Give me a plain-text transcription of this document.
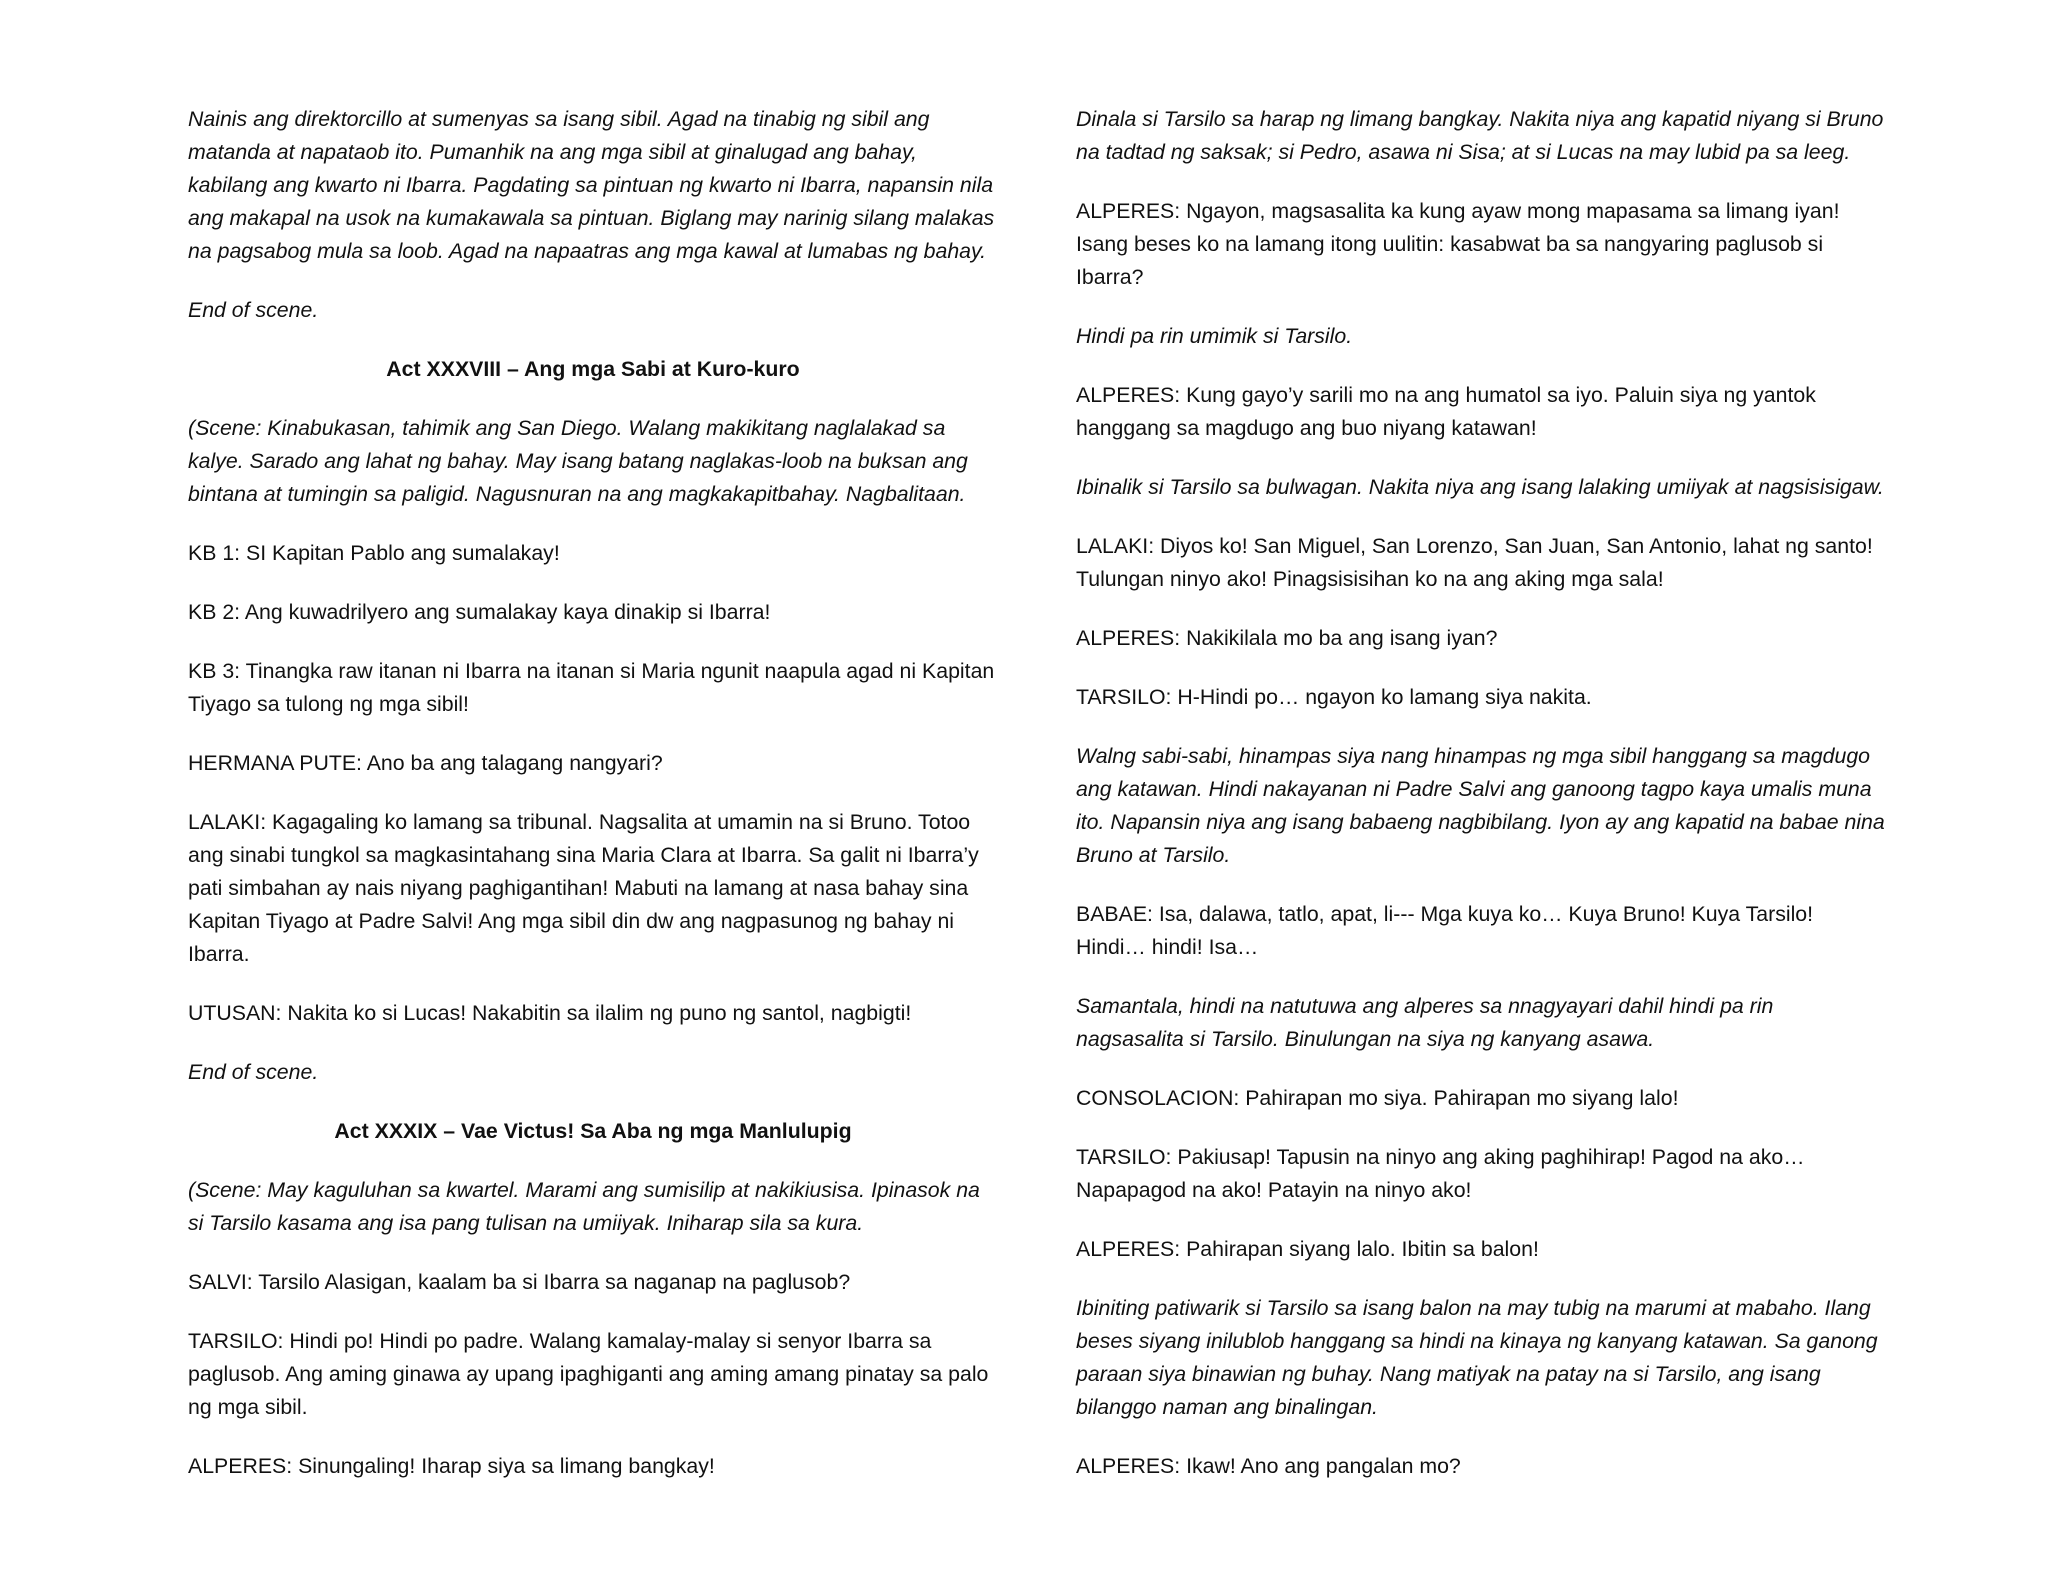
Nainis ang direktorcillo at sumenyas sa isang sibil. Agad na tinabig ng sibil ang matanda at napataob ito. Pumanhik na ang mga sibil at ginalugad ang bahay, kabilang ang kwarto ni Ibarra. Pagdating sa pintuan ng kwarto ni Ibarra, napansin nila ang makapal na usok na kumakawala sa pintuan. Biglang may narinig silang malakas na pagsabog mula sa loob. Agad na napaatras ang mga kawal at lumabas ng bahay.

End of scene.

Act XXXVIII – Ang mga Sabi at Kuro-kuro

(Scene: Kinabukasan, tahimik ang San Diego. Walang makikitang naglalakad sa kalye. Sarado ang lahat ng bahay. May isang batang naglakas-loob na buksan ang bintana at tumingin sa paligid. Nagusnuran na ang magkakapitbahay. Nagbalitaan.

KB 1: SI Kapitan Pablo ang sumalakay!

KB 2: Ang kuwadrilyero ang sumalakay kaya dinakip si Ibarra!

KB 3: Tinangka raw itanan ni Ibarra na itanan si Maria ngunit naapula agad ni Kapitan Tiyago sa tulong ng mga sibil!

HERMANA PUTE: Ano ba ang talagang nangyari?

LALAKI: Kagagaling ko lamang sa tribunal. Nagsalita at umamin na si Bruno. Totoo ang sinabi tungkol sa magkasintahang sina Maria Clara at Ibarra. Sa galit ni Ibarra’y pati simbahan ay nais niyang paghigantihan! Mabuti na lamang at nasa bahay sina Kapitan Tiyago at Padre Salvi! Ang mga sibil din dw ang nagpasunog ng bahay ni Ibarra.

UTUSAN: Nakita ko si Lucas! Nakabitin sa ilalim ng puno ng santol, nagbigti!

End of scene.

Act XXXIX – Vae Victus! Sa Aba ng mga Manlulupig

(Scene: May kaguluhan sa kwartel. Marami ang sumisilip at nakikiusisa. Ipinasok na si Tarsilo kasama ang isa pang tulisan na umiiyak. Iniharap sila sa kura.

SALVI: Tarsilo Alasigan, kaalam ba si Ibarra sa naganap na paglusob?

TARSILO: Hindi po! Hindi po padre. Walang kamalay-malay si senyor Ibarra sa paglusob. Ang aming ginawa ay upang ipaghiganti ang aming amang pinatay sa palo ng mga sibil.

ALPERES: Sinungaling! Iharap siya sa limang bangkay!

Dinala si Tarsilo sa harap ng limang bangkay. Nakita niya ang kapatid niyang si Bruno na tadtad ng saksak; si Pedro, asawa ni Sisa; at si Lucas na may lubid pa sa leeg.

ALPERES: Ngayon, magsasalita ka kung ayaw mong mapasama sa limang iyan! Isang beses ko na lamang itong uulitin: kasabwat ba sa nangyaring paglusob si Ibarra?

Hindi pa rin umimik si Tarsilo.

ALPERES: Kung gayo’y sarili mo na ang humatol sa iyo. Paluin siya ng yantok hanggang sa magdugo ang buo niyang katawan!

Ibinalik si Tarsilo sa bulwagan. Nakita niya ang isang lalaking umiiyak at nagsisisigaw.

LALAKI: Diyos ko! San Miguel, San Lorenzo, San Juan, San Antonio, lahat ng santo! Tulungan ninyo ako! Pinagsisisihan ko na ang aking mga sala!

ALPERES: Nakikilala mo ba ang isang iyan?

TARSILO: H-Hindi po… ngayon ko lamang siya nakita.

Walng sabi-sabi, hinampas siya nang hinampas ng mga sibil hanggang sa magdugo ang katawan. Hindi nakayanan ni Padre Salvi ang ganoong tagpo kaya umalis muna ito. Napansin niya ang isang babaeng nagbibilang. Iyon ay ang kapatid na babae nina Bruno at Tarsilo.

BABAE: Isa, dalawa, tatlo, apat, li--- Mga kuya ko… Kuya Bruno! Kuya Tarsilo! Hindi… hindi! Isa…

Samantala, hindi na natutuwa ang alperes sa nnagyayari dahil hindi pa rin nagsasalita si Tarsilo. Binulungan na siya ng kanyang asawa.

CONSOLACION: Pahirapan mo siya. Pahirapan mo siyang lalo!

TARSILO: Pakiusap! Tapusin na ninyo ang aking paghihirap! Pagod na ako… Napapagod na ako! Patayin na ninyo ako!

ALPERES: Pahirapan siyang lalo. Ibitin sa balon!

Ibiniting patiwarik si Tarsilo sa isang balon na may tubig na marumi at mabaho. Ilang beses siyang inilublob hanggang sa hindi na kinaya ng kanyang katawan. Sa ganong paraan siya binawian ng buhay. Nang matiyak na patay na si Tarsilo, ang isang bilanggo naman ang binalingan.

ALPERES: Ikaw! Ano ang pangalan mo?
